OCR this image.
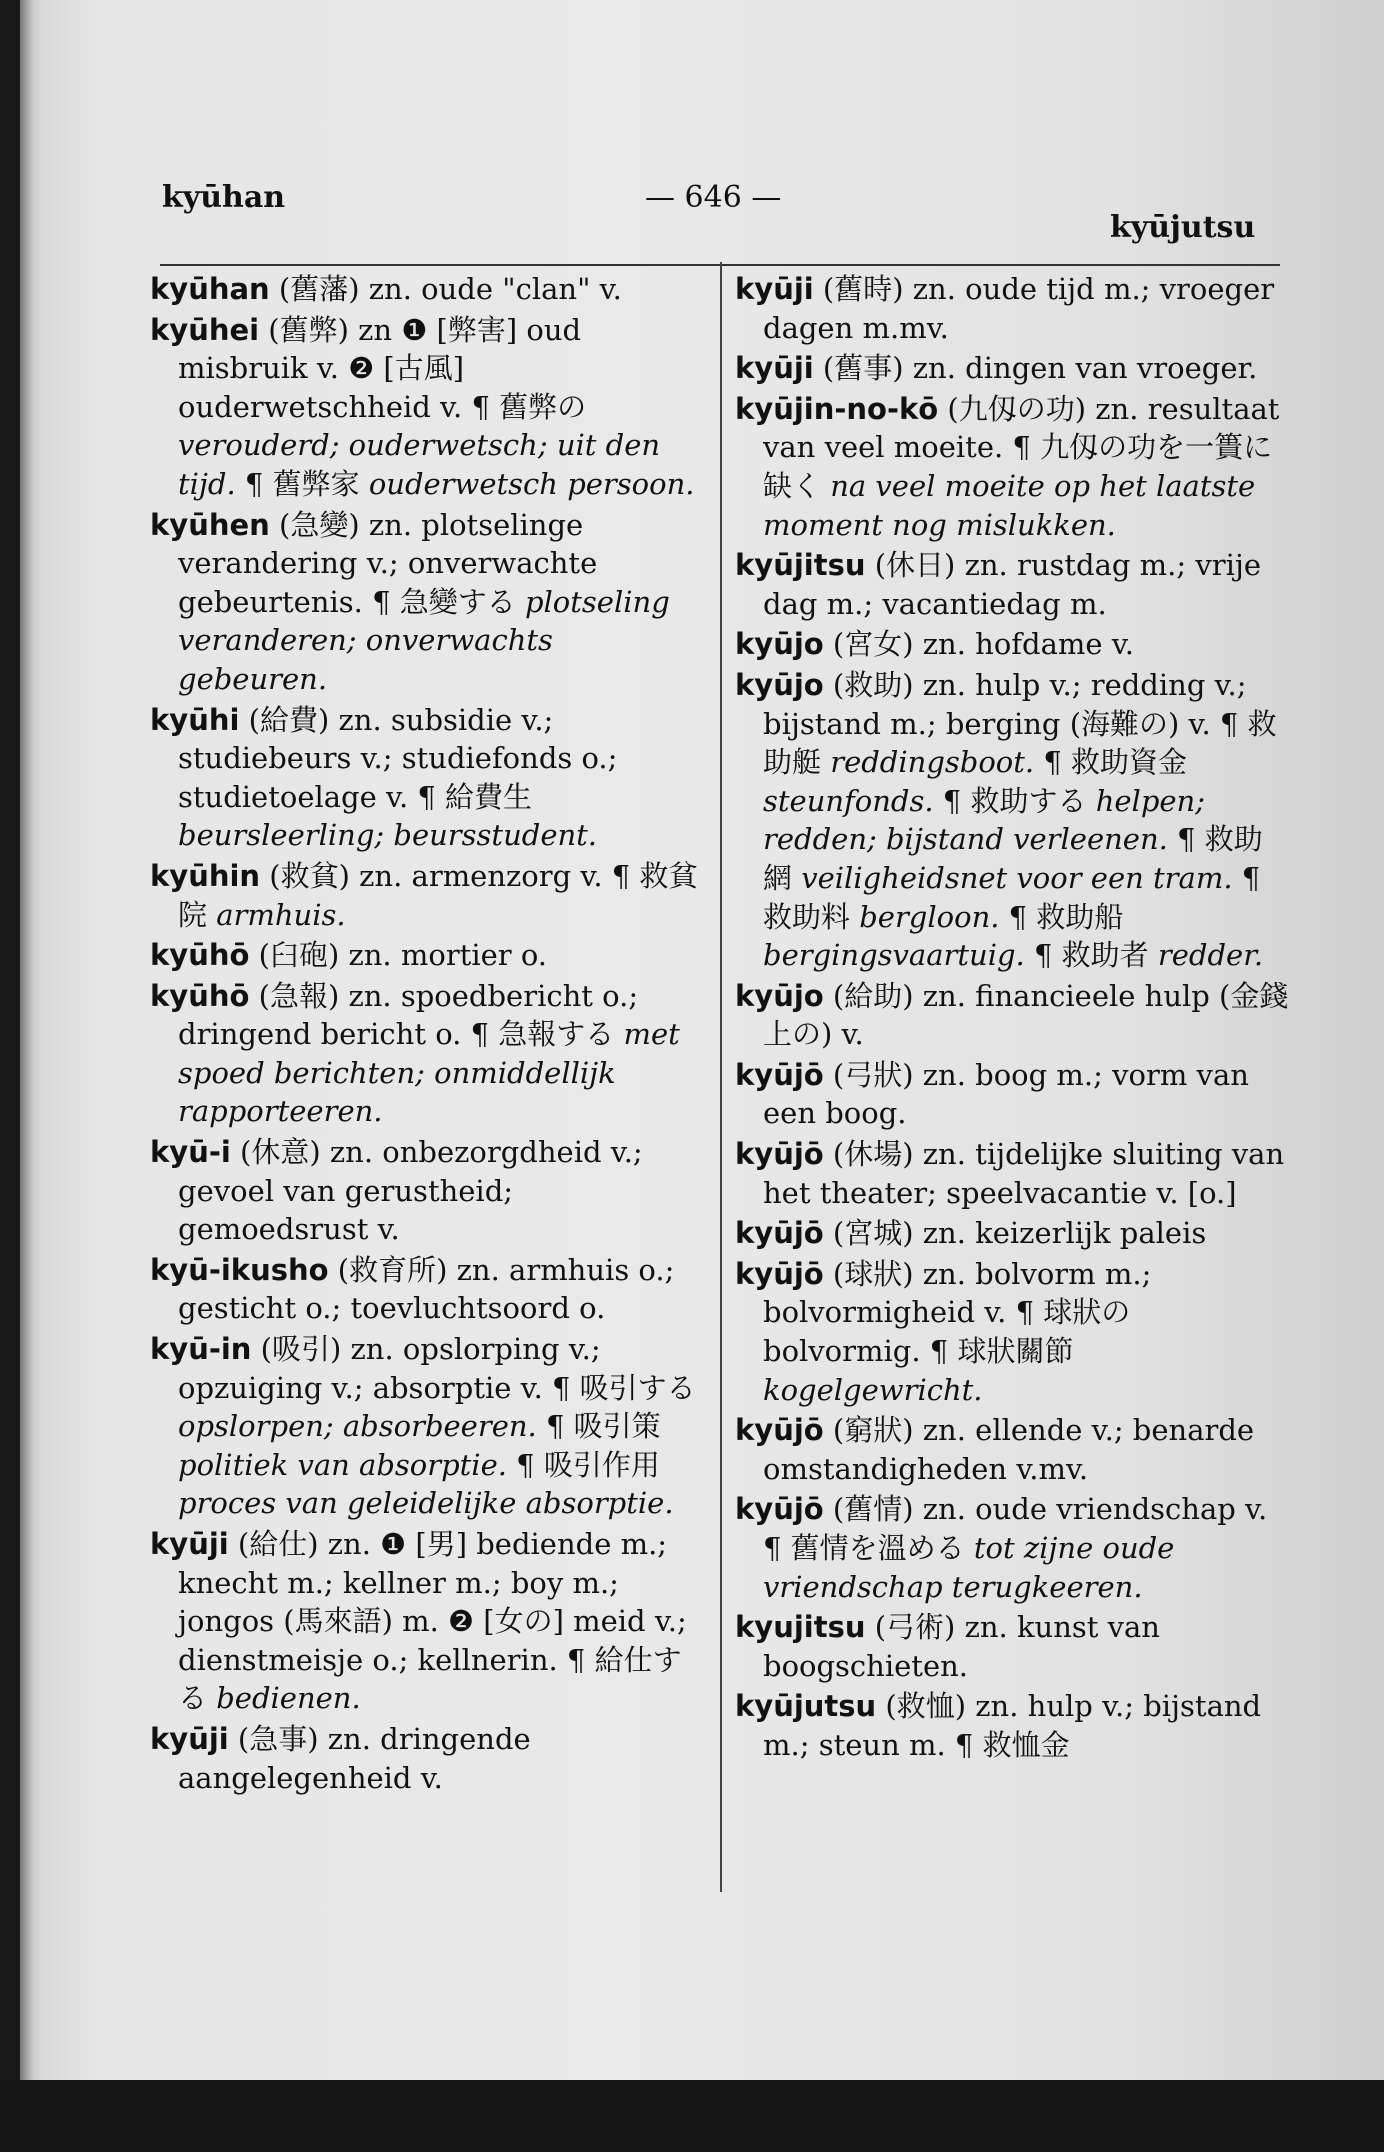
kyūhan	— 646 —
kyūjutsu
kyūhan (舊藩) zn. oude "clan" v.
kyūhei (舊弊) zn ❶ [弊害] oud misbruik v. ❷ [古風] ouderwetschheid v. ¶ 舊弊の verouderd; ouderwetsch; uit den tijd. ¶ 舊弊家 ouderwetsch persoon.
kyūhen (急變) zn. plotselinge verandering v.; onverwachte gebeurtenis. ¶ 急變する plotseling veranderen; onverwachts gebeuren.
kyūhi (給費) zn. subsidie v.; studiebeurs v.; studiefonds o.; studietoelage v. ¶ 給費生 beursleerling; beursstudent.
kyūhin (救貧) zn. armenzorg v. ¶ 救貧院 armhuis.
kyūhō (臼砲) zn. mortier o.
kyūhō (急報) zn. spoedbericht o.; dringend bericht o. ¶ 急報する met spoed berichten; onmiddellijk rapporteeren.
kyū-i (休意) zn. onbezorgdheid v.; gevoel van gerustheid; gemoedsrust v.
kyū-ikusho (救育所) zn. armhuis o.; gesticht o.; toevluchtsoord o.
kyū-in (吸引) zn. opslorping v.; opzuiging v.; absorptie v. ¶ 吸引する opslorpen; absorbeeren. ¶ 吸引策 politiek van absorptie. ¶ 吸引作用 proces van geleidelijke absorptie.
kyūji (給仕) zn. ❶ [男] bediende m.; knecht m.; kellner m.; boy m.; jongos (馬來語) m. ❷ [女の] meid v.; dienstmeisje o.; kellnerin. ¶ 給仕する bedienen.
kyūji (急事) zn. dringende aangelegenheid v.
kyūji (舊時) zn. oude tijd m.; vroeger dagen m.mv.
kyūji (舊事) zn. dingen van vroeger.
kyūjin-no-kō (九仭の功) zn. resultaat van veel moeite. ¶ 九仭の功を一簣に缺く na veel moeite op het laatste moment nog mislukken.
kyūjitsu (休日) zn. rustdag m.; vrije dag m.; vacantiedag m.
kyūjo (宮女) zn. hofdame v.
kyūjo (救助) zn. hulp v.; redding v.; bijstand m.; berging (海難の) v. ¶ 救助艇 reddingsboot. ¶ 救助資金 steunfonds. ¶ 救助する helpen; redden; bijstand verleenen. ¶ 救助網 veiligheidsnet voor een tram. ¶ 救助料 bergloon. ¶ 救助船 bergingsvaartuig. ¶ 救助者 redder.
kyūjo (給助) zn. financieele hulp (金錢上の) v.
kyūjō (弓狀) zn. boog m.; vorm van een boog.
kyūjō (休場) zn. tijdelijke sluiting van het theater; speelvacantie v. [o.]
kyūjō (宮城) zn. keizerlijk paleis
kyūjō (球狀) zn. bolvorm m.; bolvormigheid v. ¶ 球狀の bolvormig. ¶ 球狀關節 kogelgewricht.
kyūjō (窮狀) zn. ellende v.; benarde omstandigheden v.mv.
kyūjō (舊情) zn. oude vriendschap v. ¶ 舊情を溫める tot zijne oude vriendschap terugkeeren.
kyujitsu (弓術) zn. kunst van boogschieten.
kyūjutsu (救恤) zn. hulp v.; bijstand m.; steun m. ¶ 救恤金
